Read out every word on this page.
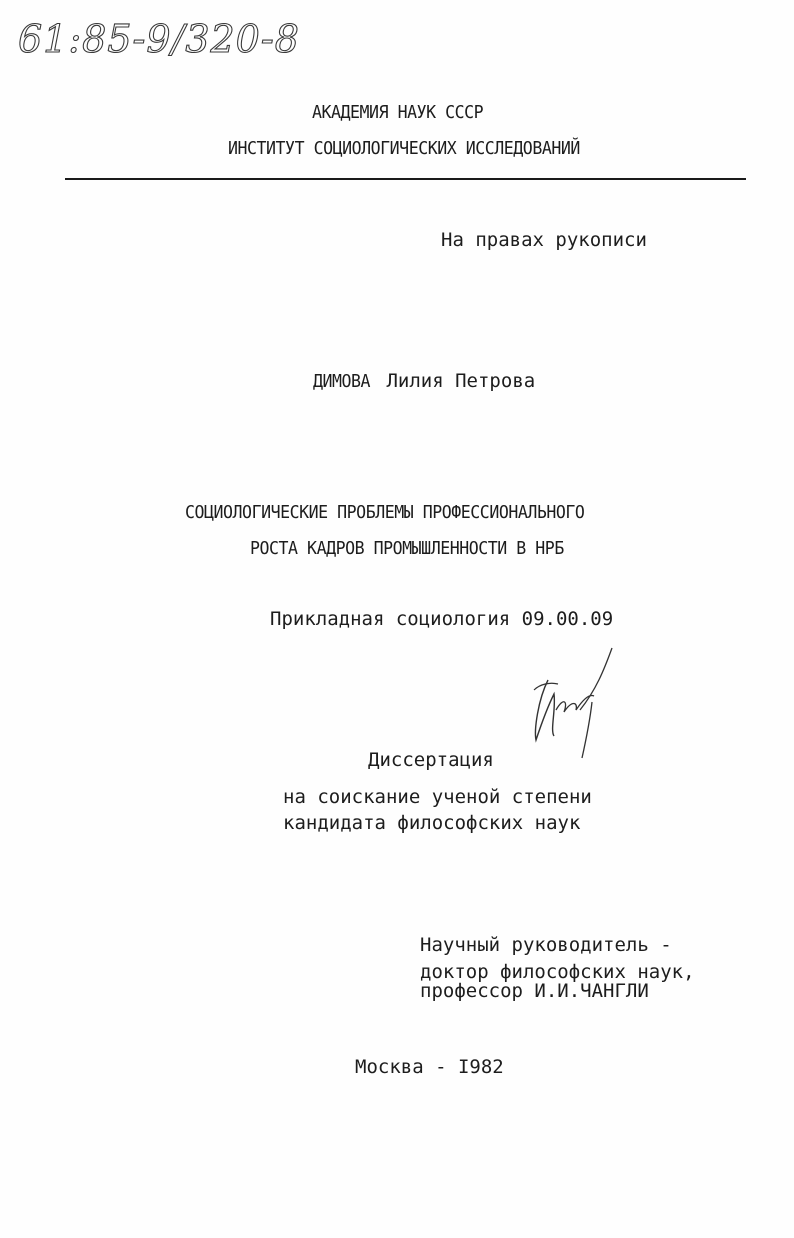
61:85-9/320-8
АКАДЕМИЯ НАУК СССР
ИНСТИТУТ СОЦИОЛОГИЧЕСКИХ ИССЛЕДОВАНИЙ
На правах рукописи
ДИМОВА Лилия Петрова
СОЦИОЛОГИЧЕСКИЕ ПРОБЛЕМЫ ПРОФЕССИОНАЛЬНОГО
РОСТА КАДРОВ ПРОМЫШЛЕННОСТИ В НРБ
Прикладная социология 09.00.09
Диссертация
на соискание ученой степени
кандидата философских наук
Научный руководитель -
доктор философских наук,
профессор И.И.ЧАНГЛИ
Москва - I982
